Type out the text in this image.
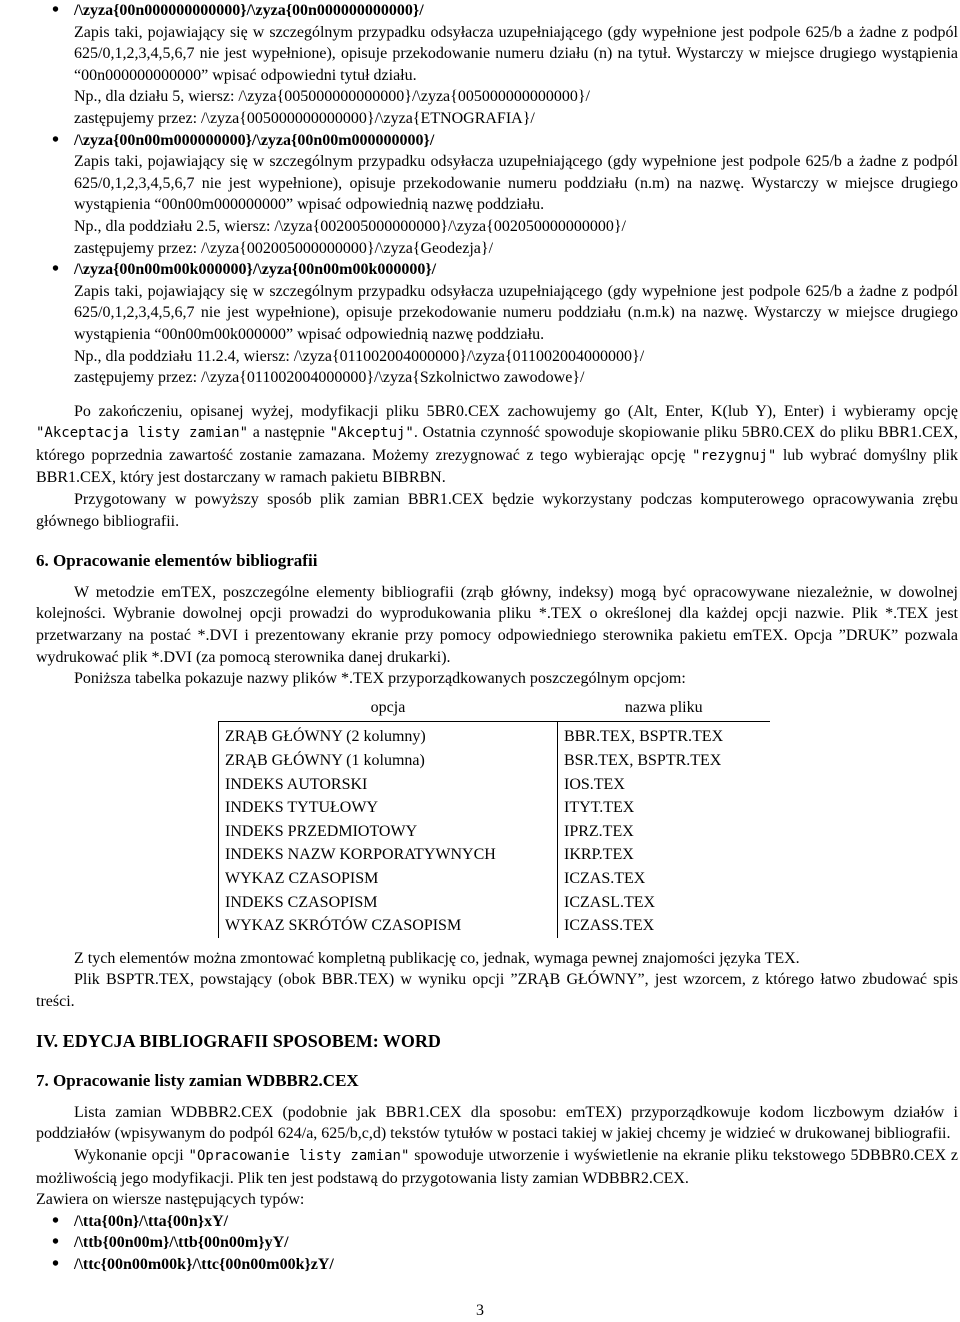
• /\zyza{00n000000000000}/\zyza{00n000000000000}/
Zapis taki, pojawiający się w szczególnym przypadku odsyłacza uzupełniającego (gdy wypełnione jest podpole 625/b a żadne z podpól 625/0,1,2,3,4,5,6,7 nie jest wypełnione), opisuje przekodowanie numeru działu (n) na tytuł. Wystarczy w miejsce drugiego wystąpienia “00n000000000000” wpisać odpowiedni tytuł działu.
Np., dla działu 5, wiersz: /\zyza{005000000000000}/\zyza{005000000000000}/
zastępujemy przez: /\zyza{005000000000000}/\zyza{ETNOGRAFIA}/
• /\zyza{00n00m000000000}/\zyza{00n00m000000000}/
Zapis taki, pojawiający się w szczególnym przypadku odsyłacza uzupełniającego (gdy wypełnione jest podpole 625/b a żadne z podpól 625/0,1,2,3,4,5,6,7 nie jest wypełnione), opisuje przekodowanie numeru poddziału (n.m) na nazwę. Wystarczy w miejsce drugiego wystąpienia “00n00m000000000” wpisać odpowiednią nazwę poddziału.
Np., dla poddziału 2.5, wiersz: /\zyza{002005000000000}/\zyza{002050000000000}/
zastępujemy przez: /\zyza{002005000000000}/\zyza{Geodezja}/
• /\zyza{00n00m00k000000}/\zyza{00n00m00k000000}/
Zapis taki, pojawiający się w szczególnym przypadku odsyłacza uzupełniającego (gdy wypełnione jest podpole 625/b a żadne z podpól 625/0,1,2,3,4,5,6,7 nie jest wypełnione), opisuje przekodowanie numeru poddziału (n.m.k) na nazwę. Wystarczy w miejsce drugiego wystąpienia “00n00m00k000000” wpisać odpowiednią nazwę poddziału.
Np., dla poddziału 11.2.4, wiersz: /\zyza{011002004000000}/\zyza{011002004000000}/
zastępujemy przez: /\zyza{011002004000000}/\zyza{Szkolnictwo zawodowe}/
Po zakończeniu, opisanej wyżej, modyfikacji pliku 5BR0.CEX zachowujemy go (Alt, Enter, K(lub Y), Enter) i wybieramy opcję "Akceptacja listy zamian" a następnie "Akceptuj". Ostatnia czynność spowoduje skopiowanie pliku 5BR0.CEX do pliku BBR1.CEX, którego poprzednia zawartość zostanie zamazana. Możemy zrezygnować z tego wybierając opcję "rezygnuj" lub wybrać domyślny plik BBR1.CEX, który jest dostarczany w ramach pakietu BIBRBN.
Przygotowany w powyższy sposób plik zamian BBR1.CEX będzie wykorzystany podczas komputerowego opracowywania zrębu głównego bibliografii.
6. Opracowanie elementów bibliografii
W metodzie emTEX, poszczególne elementy bibliografii (zrąb główny, indeksy) mogą być opracowywane niezależnie, w dowolnej kolejności. Wybranie dowolnej opcji prowadzi do wyprodukowania pliku *.TEX o określonej dla każdej opcji nazwie. Plik *.TEX jest przetwarzany na postać *.DVI i prezentowany ekranie przy pomocy odpowiedniego sterownika pakietu emTEX. Opcja ”DRUK” pozwala wydrukować plik *.DVI (za pomocą sterownika danej drukarki).
Poniższa tabelka pokazuje nazwy plików *.TEX przyporządkowanych poszczególnym opcjom:
opcja	nazwa pliku
ZRĄB GŁÓWNY (2 kolumny)	BBR.TEX, BSPTR.TEX
ZRĄB GŁÓWNY (1 kolumna)	BSR.TEX, BSPTR.TEX
INDEKS AUTORSKI	IOS.TEX
INDEKS TYTUŁOWY	ITYT.TEX
INDEKS PRZEDMIOTOWY	IPRZ.TEX
INDEKS NAZW KORPORATYWNYCH	IKRP.TEX
WYKAZ CZASOPISM	ICZAS.TEX
INDEKS CZASOPISM	ICZASL.TEX
WYKAZ SKRÓTÓW CZASOPISM	ICZASS.TEX
Z tych elementów można zmontować kompletną publikację co, jednak, wymaga pewnej znajomości języka TEX.
Plik BSPTR.TEX, powstający (obok BBR.TEX) w wyniku opcji ”ZRĄB GŁÓWNY”, jest wzorcem, z którego łatwo zbudować spis treści.
IV. EDYCJA BIBLIOGRAFII SPOSOBEM: WORD
7. Opracowanie listy zamian WDBBR2.CEX
Lista zamian WDBBR2.CEX (podobnie jak BBR1.CEX dla sposobu: emTEX) przyporządkowuje kodom liczbowym działów i poddziałów (wpisywanym do podpól 624/a, 625/b,c,d) tekstów tytułów w postaci takiej w jakiej chcemy je widzieć w drukowanej bibliografii.
Wykonanie opcji "Opracowanie listy zamian" spowoduje utworzenie i wyświetlenie na ekranie pliku tekstowego 5DBBR0.CEX z możliwością jego modyfikacji. Plik ten jest podstawą do przygotowania listy zamian WDBBR2.CEX.
Zawiera on wiersze następujących typów:
• /\tta{00n}/\tta{00n}xY/
• /\ttb{00n00m}/\ttb{00n00m}yY/
• /\ttc{00n00m00k}/\ttc{00n00m00k}zY/
3
